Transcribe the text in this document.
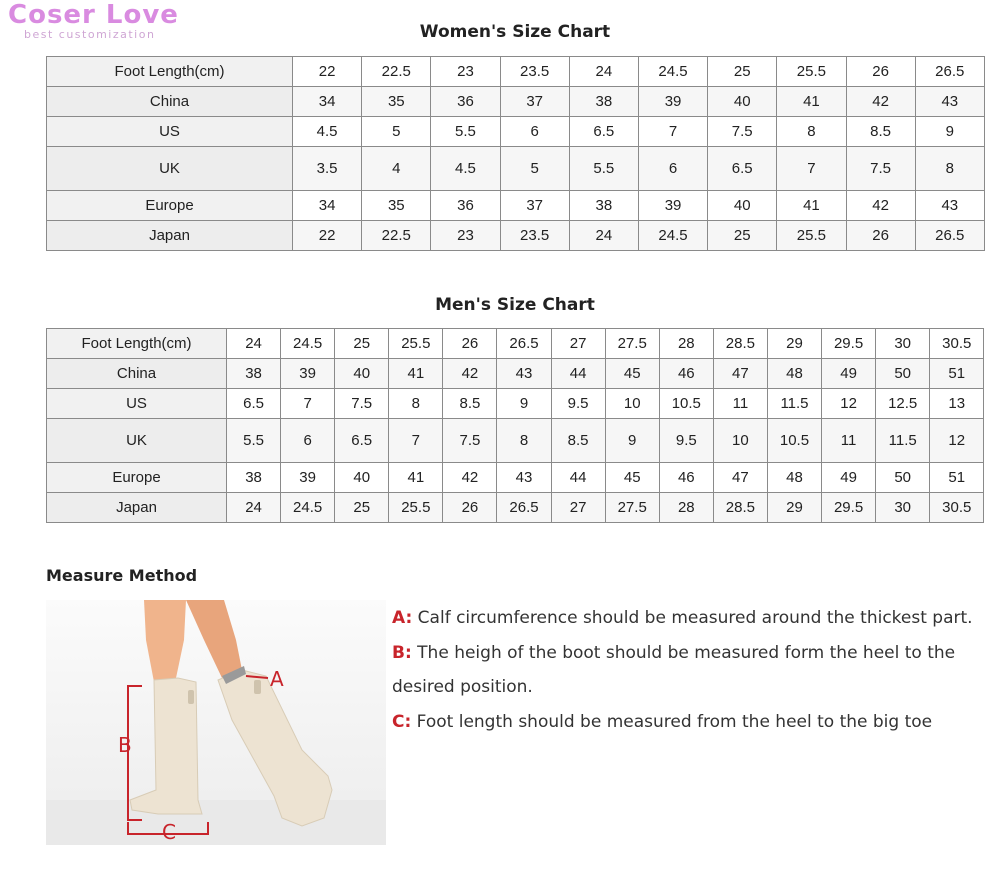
Coser Love
best customization	Women's Size Chart
Foot Length(cm)	22	22.5	23	23.5	24	24.5	25	25.5	26	26.5
China	34	35	36	37	38	39	40	41	42	43
US	4.5	5	5.5	6	6.5	7	7.5	8	8.5	9
UK	3.5	4	4.5	5	5.5	6	6.5	7	7.5	8
Europe	34	35	36	37	38	39	40	41	42	43
Japan	22	22.5	23	23.5	24	24.5	25	25.5	26	26.5
Men's Size Chart
Foot Length(cm)	24	24.5	25	25.5	26	26.5	27	27.5	28	28.5	29	29.5	30	30.5
China	38	39	40	41	42	43	44	45	46	47	48	49	50	51
US	6.5	7	7.5	8	8.5	9	9.5	10	10.5	11	11.5	12	12.5	13
UK	5.5	6	6.5	7	7.5	8	8.5	9	9.5	10	10.5	11	11.5	12
Europe	38	39	40	41	42	43	44	45	46	47	48	49	50	51
Japan	24	24.5	25	25.5	26	26.5	27	27.5	28	28.5	29	29.5	30	30.5
Measure Method
A
B
C

A: Calf circumference should be measured around the thickest part.

B: The heigh of the boot should be measured form the heel to the desired position.

C: Foot length should be measured from the heel to the big toe
